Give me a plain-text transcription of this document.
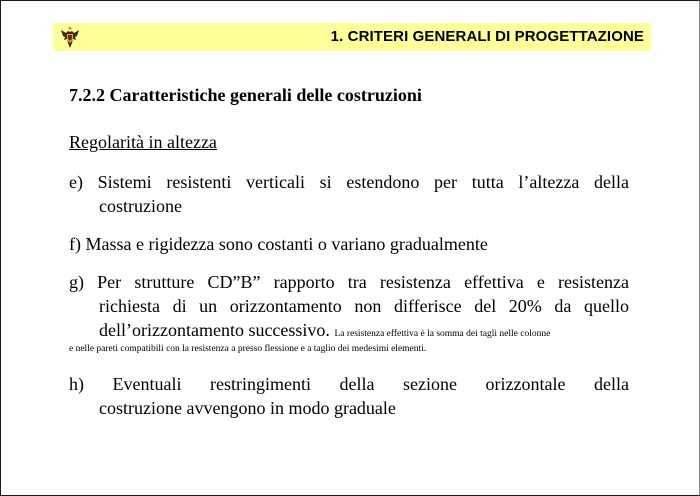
1. CRITERI GENERALI DI PROGETTAZIONE
7.2.2 Caratteristiche generali delle costruzioni
Regolarità in altezza
e) Sistemi resistenti verticali si estendono per tutta l’altezza della
costruzione
f) Massa e rigidezza sono costanti o variano gradualmente
g) Per strutture CD”B” rapporto tra resistenza effettiva e resistenza
richiesta di un orizzontamento non differisce del 20% da quello
dell’orizzontamento successivo. La resistenza effettiva è la somma dei tagli nelle colonne
e nelle pareti compatibili con la resistenza a presso flessione e a taglio dei medesimi elementi.
h) Eventuali restringimenti della sezione orizzontale della
costruzione avvengono in modo graduale
